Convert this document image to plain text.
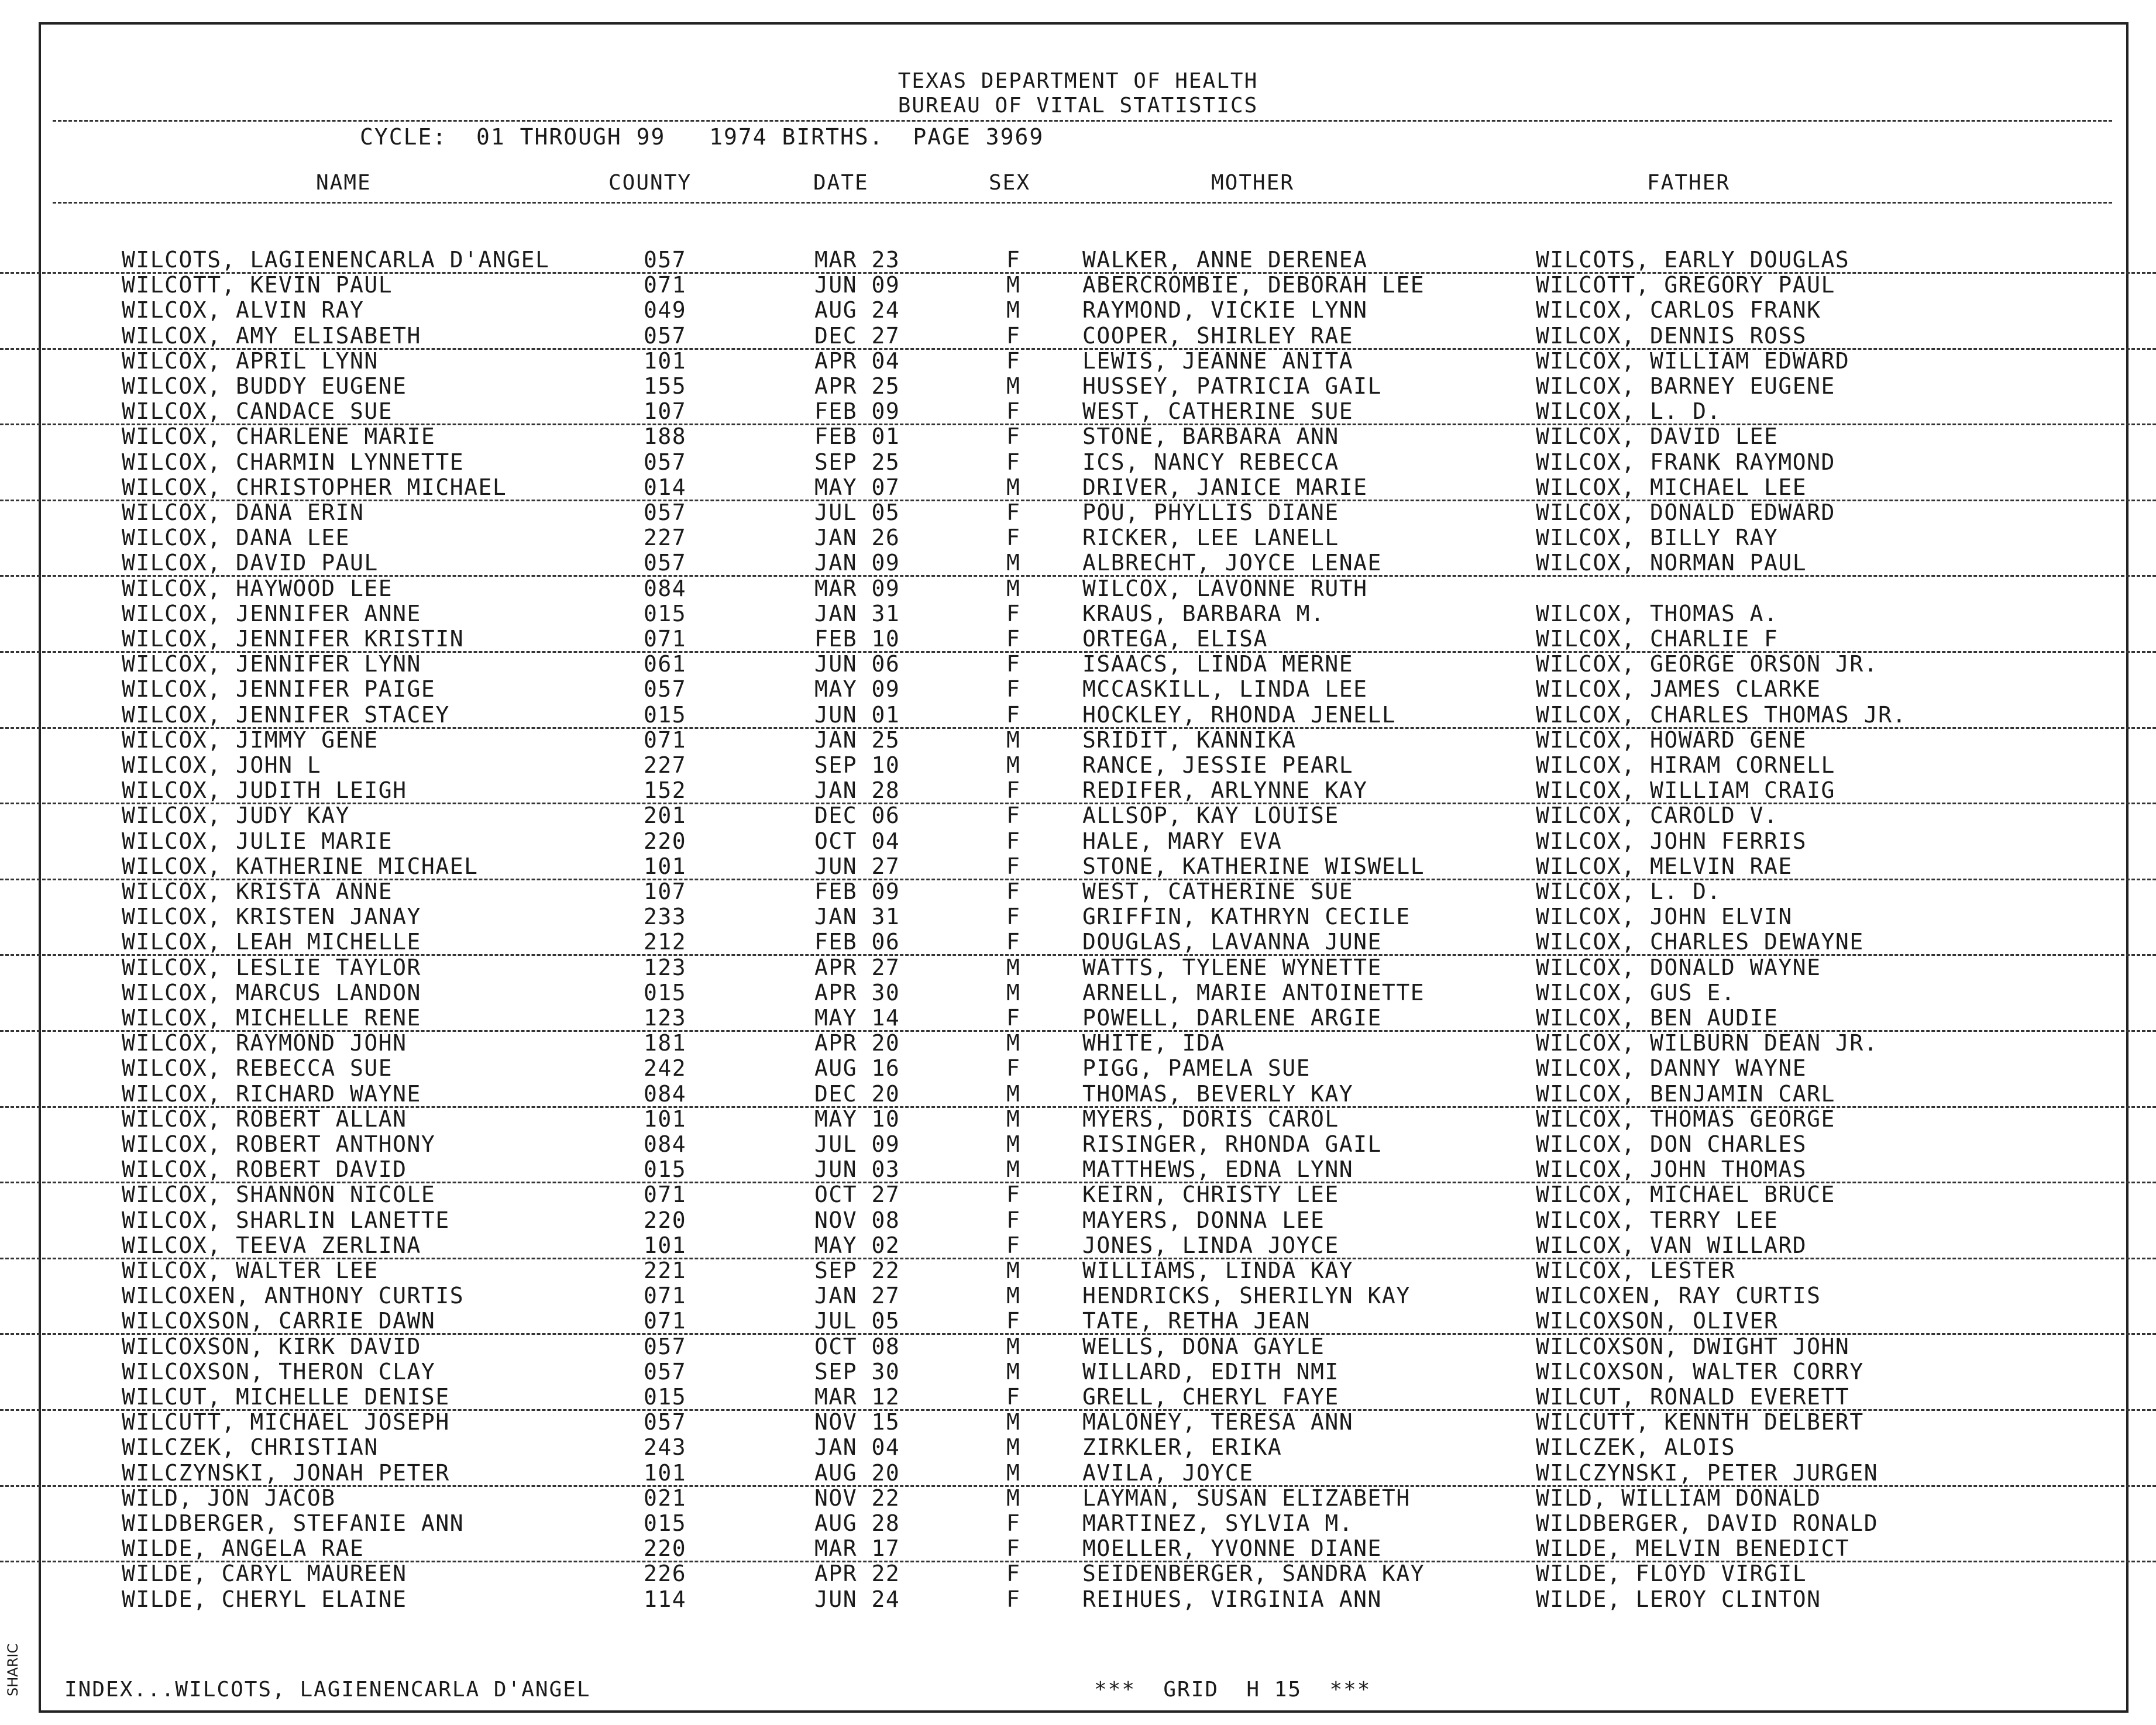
TEXAS DEPARTMENT OF HEALTH
BUREAU OF VITAL STATISTICS
CYCLE:  01 THROUGH 99   1974 BIRTHS.  PAGE 3969
NAME	COUNTY	DATE	SEX	MOTHER	FATHER
WILCOTS, LAGIENENCARLA D'ANGEL	057	MAR 23	F	WALKER, ANNE DERENEA	WILCOTS, EARLY DOUGLAS
WILCOTT, KEVIN PAUL	071	JUN 09	M	ABERCROMBIE, DEBORAH LEE	WILCOTT, GREGORY PAUL
WILCOX, ALVIN RAY	049	AUG 24	M	RAYMOND, VICKIE LYNN	WILCOX, CARLOS FRANK
WILCOX, AMY ELISABETH	057	DEC 27	F	COOPER, SHIRLEY RAE	WILCOX, DENNIS ROSS
WILCOX, APRIL LYNN	101	APR 04	F	LEWIS, JEANNE ANITA	WILCOX, WILLIAM EDWARD
WILCOX, BUDDY EUGENE	155	APR 25	M	HUSSEY, PATRICIA GAIL	WILCOX, BARNEY EUGENE
WILCOX, CANDACE SUE	107	FEB 09	F	WEST, CATHERINE SUE	WILCOX, L. D.
WILCOX, CHARLENE MARIE	188	FEB 01	F	STONE, BARBARA ANN	WILCOX, DAVID LEE
WILCOX, CHARMIN LYNNETTE	057	SEP 25	F	ICS, NANCY REBECCA	WILCOX, FRANK RAYMOND
WILCOX, CHRISTOPHER MICHAEL	014	MAY 07	M	DRIVER, JANICE MARIE	WILCOX, MICHAEL LEE
WILCOX, DANA ERIN	057	JUL 05	F	POU, PHYLLIS DIANE	WILCOX, DONALD EDWARD
WILCOX, DANA LEE	227	JAN 26	F	RICKER, LEE LANELL	WILCOX, BILLY RAY
WILCOX, DAVID PAUL	057	JAN 09	M	ALBRECHT, JOYCE LENAE	WILCOX, NORMAN PAUL
WILCOX, HAYWOOD LEE	084	MAR 09	M	WILCOX, LAVONNE RUTH
WILCOX, JENNIFER ANNE	015	JAN 31	F	KRAUS, BARBARA M.	WILCOX, THOMAS A.
WILCOX, JENNIFER KRISTIN	071	FEB 10	F	ORTEGA, ELISA	WILCOX, CHARLIE F
WILCOX, JENNIFER LYNN	061	JUN 06	F	ISAACS, LINDA MERNE	WILCOX, GEORGE ORSON JR.
WILCOX, JENNIFER PAIGE	057	MAY 09	F	MCCASKILL, LINDA LEE	WILCOX, JAMES CLARKE
WILCOX, JENNIFER STACEY	015	JUN 01	F	HOCKLEY, RHONDA JENELL	WILCOX, CHARLES THOMAS JR.
WILCOX, JIMMY GENE	071	JAN 25	M	SRIDIT, KANNIKA	WILCOX, HOWARD GENE
WILCOX, JOHN L	227	SEP 10	M	RANCE, JESSIE PEARL	WILCOX, HIRAM CORNELL
WILCOX, JUDITH LEIGH	152	JAN 28	F	REDIFER, ARLYNNE KAY	WILCOX, WILLIAM CRAIG
WILCOX, JUDY KAY	201	DEC 06	F	ALLSOP, KAY LOUISE	WILCOX, CAROLD V.
WILCOX, JULIE MARIE	220	OCT 04	F	HALE, MARY EVA	WILCOX, JOHN FERRIS
WILCOX, KATHERINE MICHAEL	101	JUN 27	F	STONE, KATHERINE WISWELL	WILCOX, MELVIN RAE
WILCOX, KRISTA ANNE	107	FEB 09	F	WEST, CATHERINE SUE	WILCOX, L. D.
WILCOX, KRISTEN JANAY	233	JAN 31	F	GRIFFIN, KATHRYN CECILE	WILCOX, JOHN ELVIN
WILCOX, LEAH MICHELLE	212	FEB 06	F	DOUGLAS, LAVANNA JUNE	WILCOX, CHARLES DEWAYNE
WILCOX, LESLIE TAYLOR	123	APR 27	M	WATTS, TYLENE WYNETTE	WILCOX, DONALD WAYNE
WILCOX, MARCUS LANDON	015	APR 30	M	ARNELL, MARIE ANTOINETTE	WILCOX, GUS E.
WILCOX, MICHELLE RENE	123	MAY 14	F	POWELL, DARLENE ARGIE	WILCOX, BEN AUDIE
WILCOX, RAYMOND JOHN	181	APR 20	M	WHITE, IDA	WILCOX, WILBURN DEAN JR.
WILCOX, REBECCA SUE	242	AUG 16	F	PIGG, PAMELA SUE	WILCOX, DANNY WAYNE
WILCOX, RICHARD WAYNE	084	DEC 20	M	THOMAS, BEVERLY KAY	WILCOX, BENJAMIN CARL
WILCOX, ROBERT ALLAN	101	MAY 10	M	MYERS, DORIS CAROL	WILCOX, THOMAS GEORGE
WILCOX, ROBERT ANTHONY	084	JUL 09	M	RISINGER, RHONDA GAIL	WILCOX, DON CHARLES
WILCOX, ROBERT DAVID	015	JUN 03	M	MATTHEWS, EDNA LYNN	WILCOX, JOHN THOMAS
WILCOX, SHANNON NICOLE	071	OCT 27	F	KEIRN, CHRISTY LEE	WILCOX, MICHAEL BRUCE
WILCOX, SHARLIN LANETTE	220	NOV 08	F	MAYERS, DONNA LEE	WILCOX, TERRY LEE
WILCOX, TEEVA ZERLINA	101	MAY 02	F	JONES, LINDA JOYCE	WILCOX, VAN WILLARD
WILCOX, WALTER LEE	221	SEP 22	M	WILLIAMS, LINDA KAY	WILCOX, LESTER
WILCOXEN, ANTHONY CURTIS	071	JAN 27	M	HENDRICKS, SHERILYN KAY	WILCOXEN, RAY CURTIS
WILCOXSON, CARRIE DAWN	071	JUL 05	F	TATE, RETHA JEAN	WILCOXSON, OLIVER
WILCOXSON, KIRK DAVID	057	OCT 08	M	WELLS, DONA GAYLE	WILCOXSON, DWIGHT JOHN
WILCOXSON, THERON CLAY	057	SEP 30	M	WILLARD, EDITH NMI	WILCOXSON, WALTER CORRY
WILCUT, MICHELLE DENISE	015	MAR 12	F	GRELL, CHERYL FAYE	WILCUT, RONALD EVERETT
WILCUTT, MICHAEL JOSEPH	057	NOV 15	M	MALONEY, TERESA ANN	WILCUTT, KENNTH DELBERT
WILCZEK, CHRISTIAN	243	JAN 04	M	ZIRKLER, ERIKA	WILCZEK, ALOIS
WILCZYNSKI, JONAH PETER	101	AUG 20	M	AVILA, JOYCE	WILCZYNSKI, PETER JURGEN
WILD, JON JACOB	021	NOV 22	M	LAYMAN, SUSAN ELIZABETH	WILD, WILLIAM DONALD
WILDBERGER, STEFANIE ANN	015	AUG 28	F	MARTINEZ, SYLVIA M.	WILDBERGER, DAVID RONALD
WILDE, ANGELA RAE	220	MAR 17	F	MOELLER, YVONNE DIANE	WILDE, MELVIN BENEDICT
WILDE, CARYL MAUREEN	226	APR 22	F	SEIDENBERGER, SANDRA KAY	WILDE, FLOYD VIRGIL
WILDE, CHERYL ELAINE	114	JUN 24	F	REIHUES, VIRGINIA ANN	WILDE, LEROY CLINTON
INDEX...WILCOTS, LAGIENENCARLA D'ANGEL	***  GRID  H 15  ***
SHARIC
